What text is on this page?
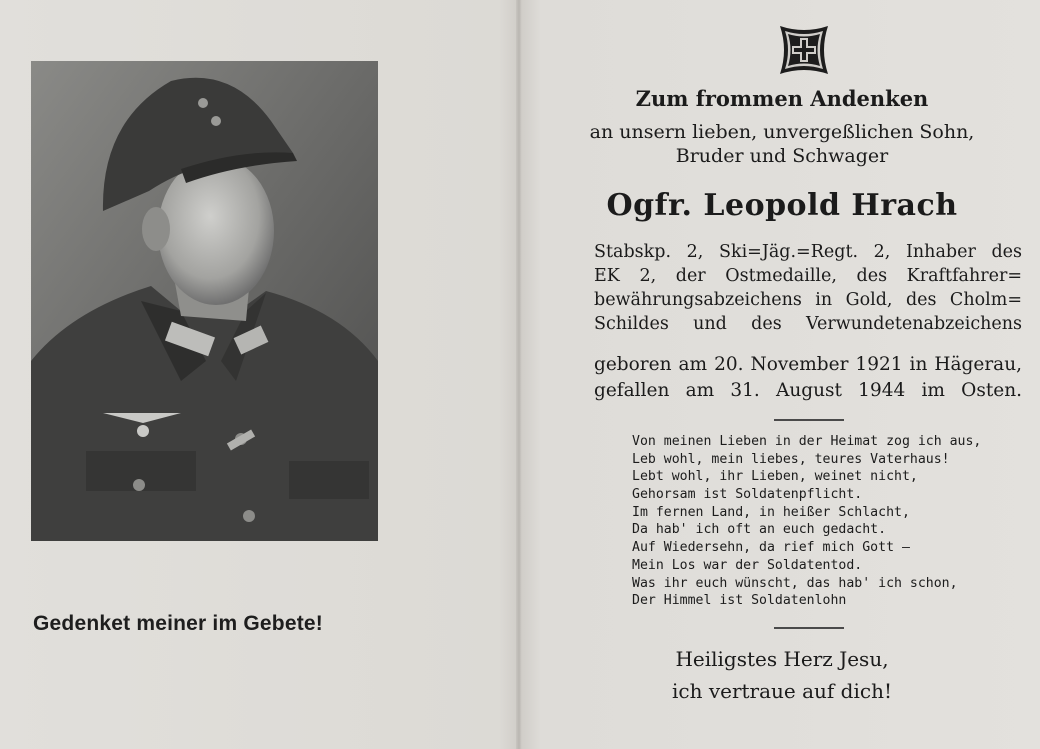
Gedenket meiner im Gebete!
Zum frommen Andenken
an unsern lieben, unvergeßlichen Sohn,
Bruder und Schwager
Ogfr. Leopold Hrach
Stabskp. 2, Ski=Jäg.=Regt. 2, Inhaber des
EK 2, der Ostmedaille, des Kraftfahrer=
bewährungsabzeichens in Gold, des Cholm=
Schildes und des Verwundetenabzeichens
geboren am 20. November 1921 in Hägerau,
gefallen am 31. August 1944 im Osten.
Von meinen Lieben in der Heimat zog ich aus,
Leb wohl, mein liebes, teures Vaterhaus!
Lebt wohl, ihr Lieben, weinet nicht,
Gehorsam ist Soldatenpflicht.
Im fernen Land, in heißer Schlacht,
Da hab' ich oft an euch gedacht.
Auf Wiedersehn, da rief mich Gott —
Mein Los war der Soldatentod.
Was ihr euch wünscht, das hab' ich schon,
Der Himmel ist Soldatenlohn
Heiligstes Herz Jesu,
ich vertraue auf dich!
